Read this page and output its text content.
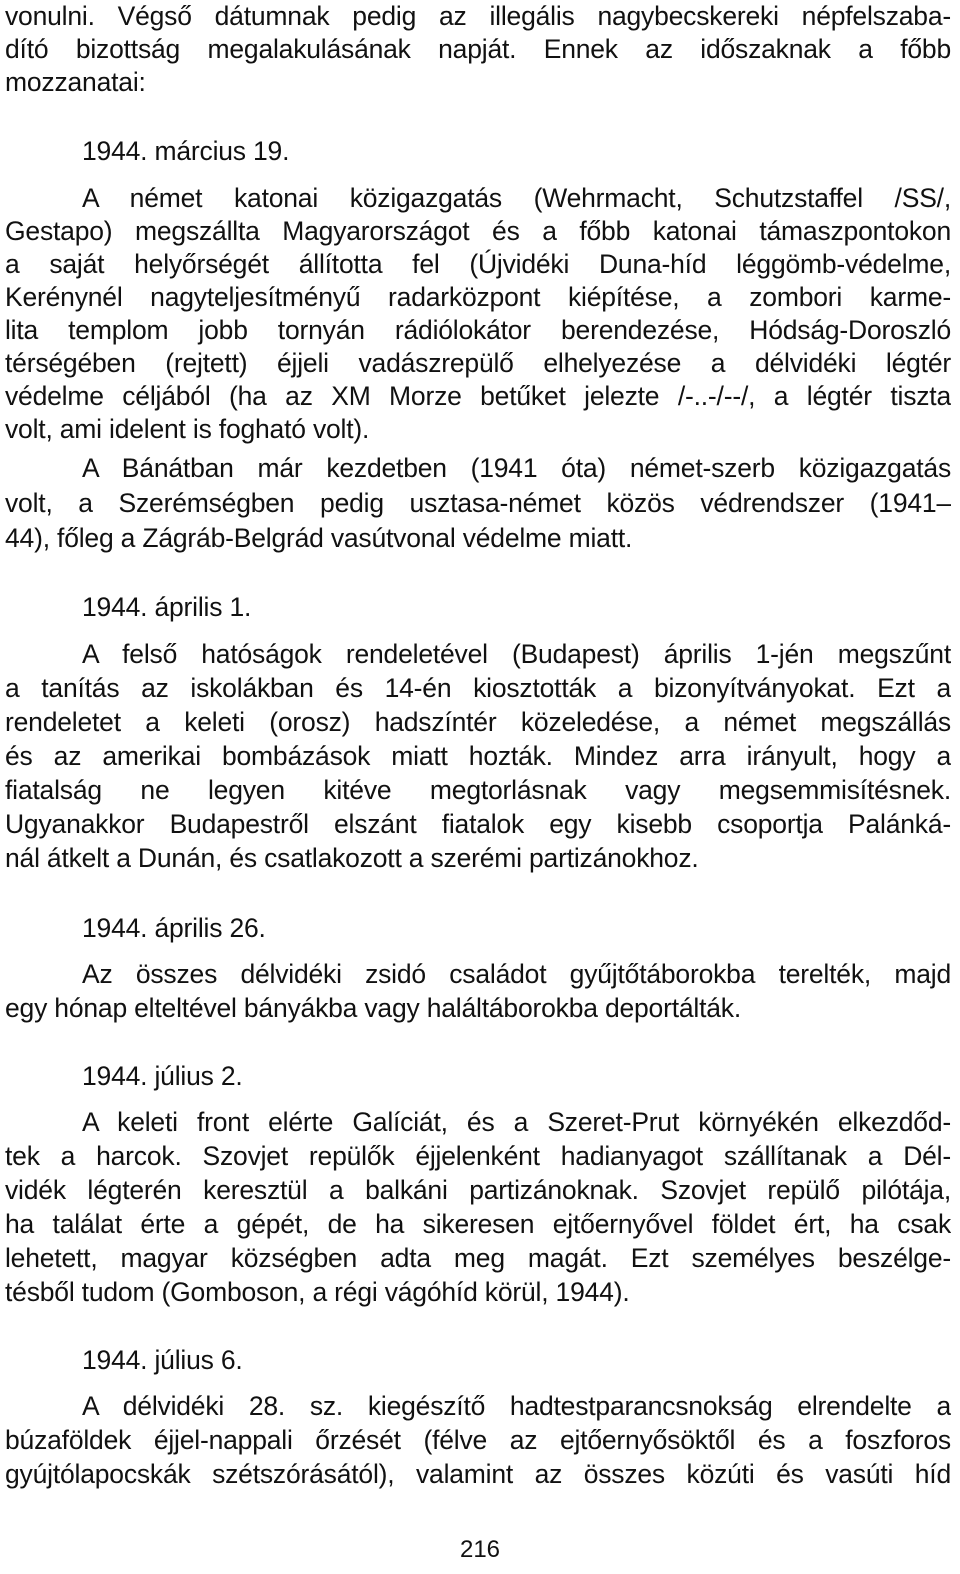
vonulni. Végső dátumnak pedig az illegális nagybecskereki népfelszaba-
dító bizottság megalakulásának napját. Ennek az időszaknak a főbb
mozzanatai:
1944. március 19.
A német katonai közigazgatás (Wehrmacht, Schutzstaffel /SS/,
Gestapo) megszállta Magyarországot és a főbb katonai támaszpontokon
a saját helyőrségét állította fel (Újvidéki Duna-híd léggömb-védelme,
Kerénynél nagyteljesítményű radarközpont kiépítése, a zombori karme-
lita templom jobb tornyán rádiólokátor berendezése, Hódság-Doroszló
térségében (rejtett) éjjeli vadászrepülő elhelyezése a délvidéki légtér
védelme céljából (ha az XM Morze betűket jelezte /-..-/--/, a légtér tiszta
volt, ami idelent is fogható volt).
A Bánátban már kezdetben (1941 óta) német-szerb közigazgatás
volt, a Szerémségben pedig usztasa-német közös védrendszer (1941–
44), főleg a Zágráb-Belgrád vasútvonal védelme miatt.
1944. április 1.
A felső hatóságok rendeletével (Budapest) április 1-jén megszűnt
a tanítás az iskolákban és 14-én kiosztották a bizonyítványokat. Ezt a
rendeletet a keleti (orosz) hadszíntér közeledése, a német megszállás
és az amerikai bombázások miatt hozták. Mindez arra irányult, hogy a
fiatalság ne legyen kitéve megtorlásnak vagy megsemmisítésnek.
Ugyanakkor Budapestről elszánt fiatalok egy kisebb csoportja Palánká-
nál átkelt a Dunán, és csatlakozott a szerémi partizánokhoz.
1944. április 26.
Az összes délvidéki zsidó családot gyűjtőtáborokba terelték, majd
egy hónap elteltével bányákba vagy haláltáborokba deportálták.
1944. július 2.
A keleti front elérte Galíciát, és a Szeret-Prut környékén elkezdőd-
tek a harcok. Szovjet repülők éjjelenként hadianyagot szállítanak a Dél-
vidék légterén keresztül a balkáni partizánoknak. Szovjet repülő pilótája,
ha találat érte a gépét, de ha sikeresen ejtőernyővel földet ért, ha csak
lehetett, magyar községben adta meg magát. Ezt személyes beszélge-
tésből tudom (Gomboson, a régi vágóhíd körül, 1944).
1944. július 6.
A délvidéki 28. sz. kiegészítő hadtestparancsnokság elrendelte a
búzaföldek éjjel-nappali őrzését (félve az ejtőernyősöktől és a foszforos
gyújtólapocskák szétszórásától), valamint az összes közúti és vasúti híd
216
